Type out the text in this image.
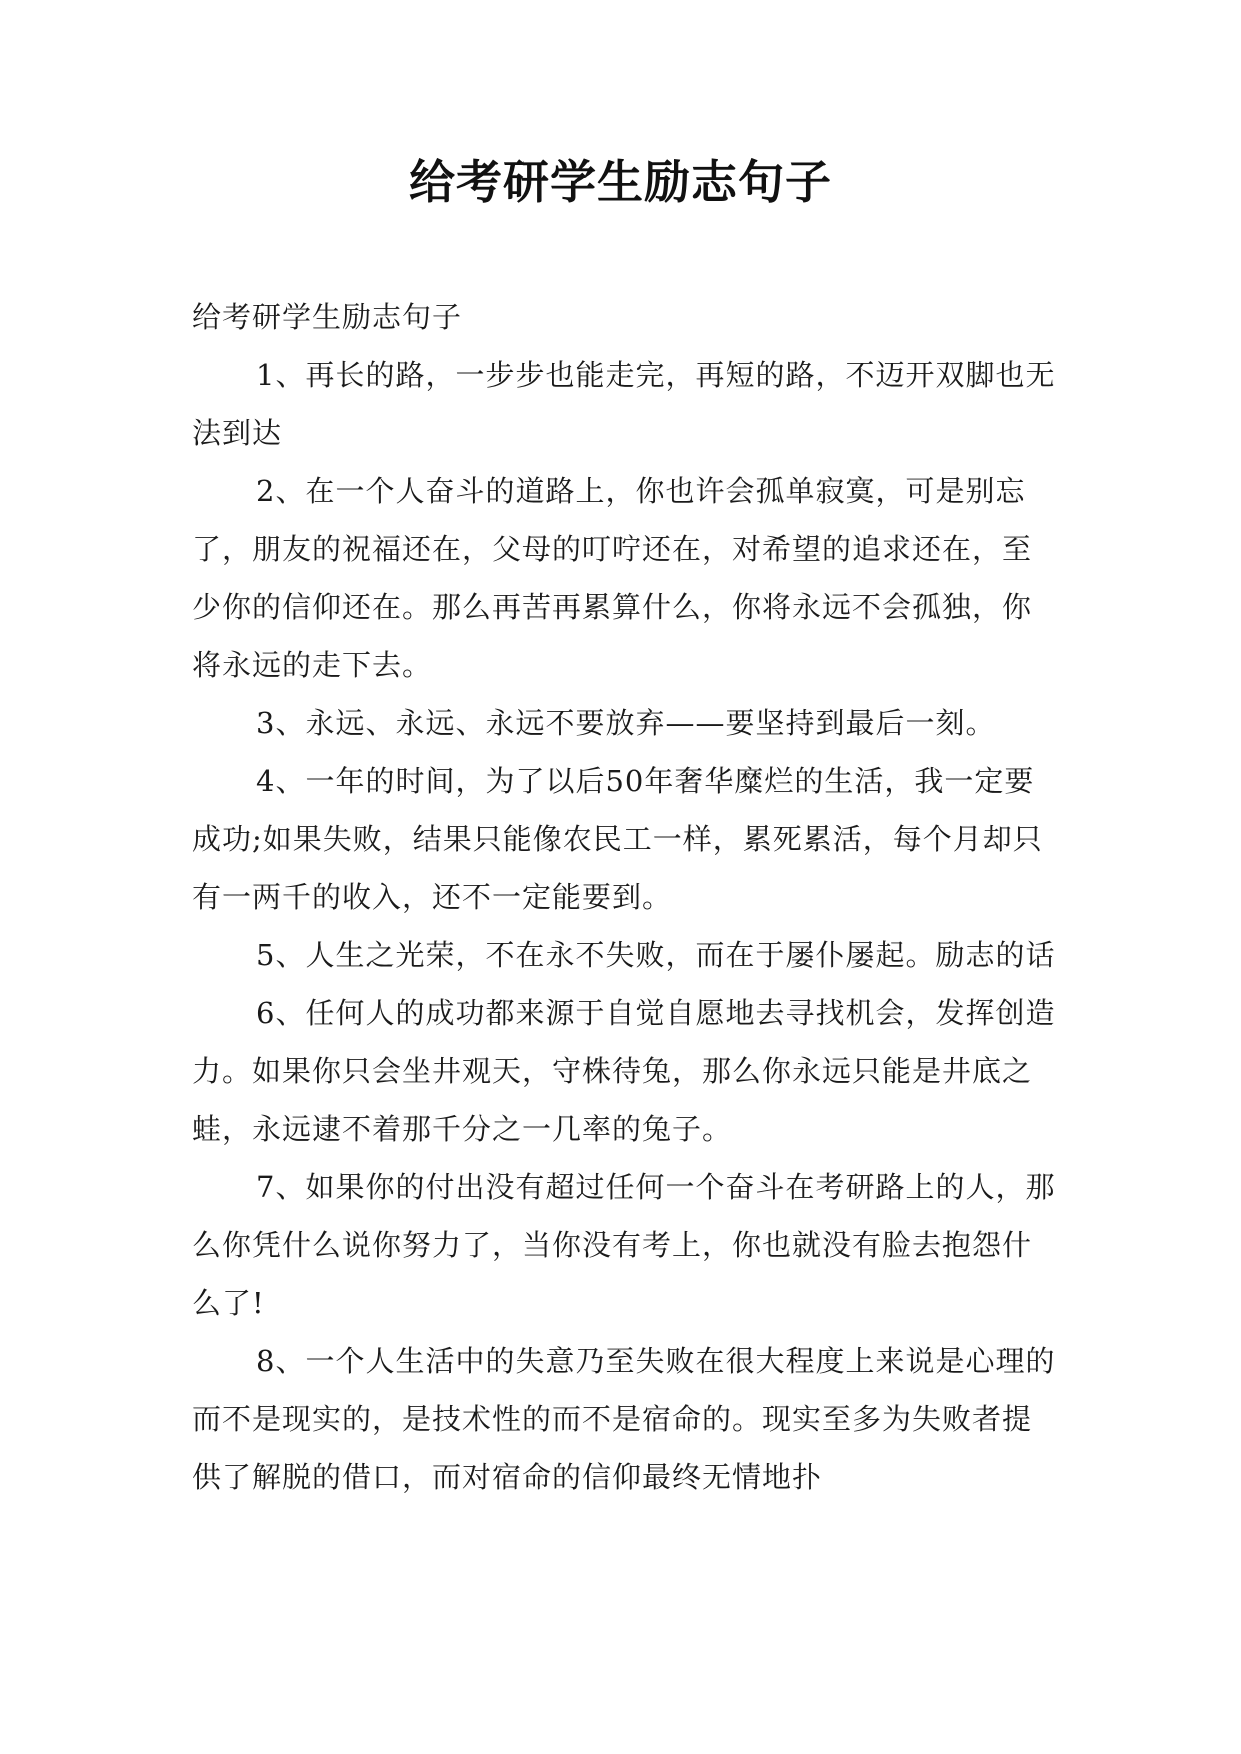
给考研学生励志句子

给考研学生励志句子

1、再长的路，一步步也能走完，再短的路，不迈开双脚也无法到达

2、在一个人奋斗的道路上，你也许会孤单寂寞，可是别忘了，朋友的祝福还在，父母的叮咛还在，对希望的追求还在，至少你的信仰还在。那么再苦再累算什么，你将永远不会孤独，你将永远的走下去。

3、永远、永远、永远不要放弃——要坚持到最后一刻。

4、一年的时间，为了以后50年奢华糜烂的生活，我一定要成功;如果失败，结果只能像农民工一样，累死累活，每个月却只有一两千的收入，还不一定能要到。

5、人生之光荣，不在永不失败，而在于屡仆屡起。励志的话

6、任何人的成功都来源于自觉自愿地去寻找机会，发挥创造力。如果你只会坐井观天，守株待兔，那么你永远只能是井底之蛙，永远逮不着那千分之一几率的兔子。

7、如果你的付出没有超过任何一个奋斗在考研路上的人，那么你凭什么说你努力了，当你没有考上，你也就没有脸去抱怨什么了!

8、一个人生活中的失意乃至失败在很大程度上来说是心理的而不是现实的，是技术性的而不是宿命的。现实至多为失败者提供了解脱的借口，而对宿命的信仰最终无情地扑
